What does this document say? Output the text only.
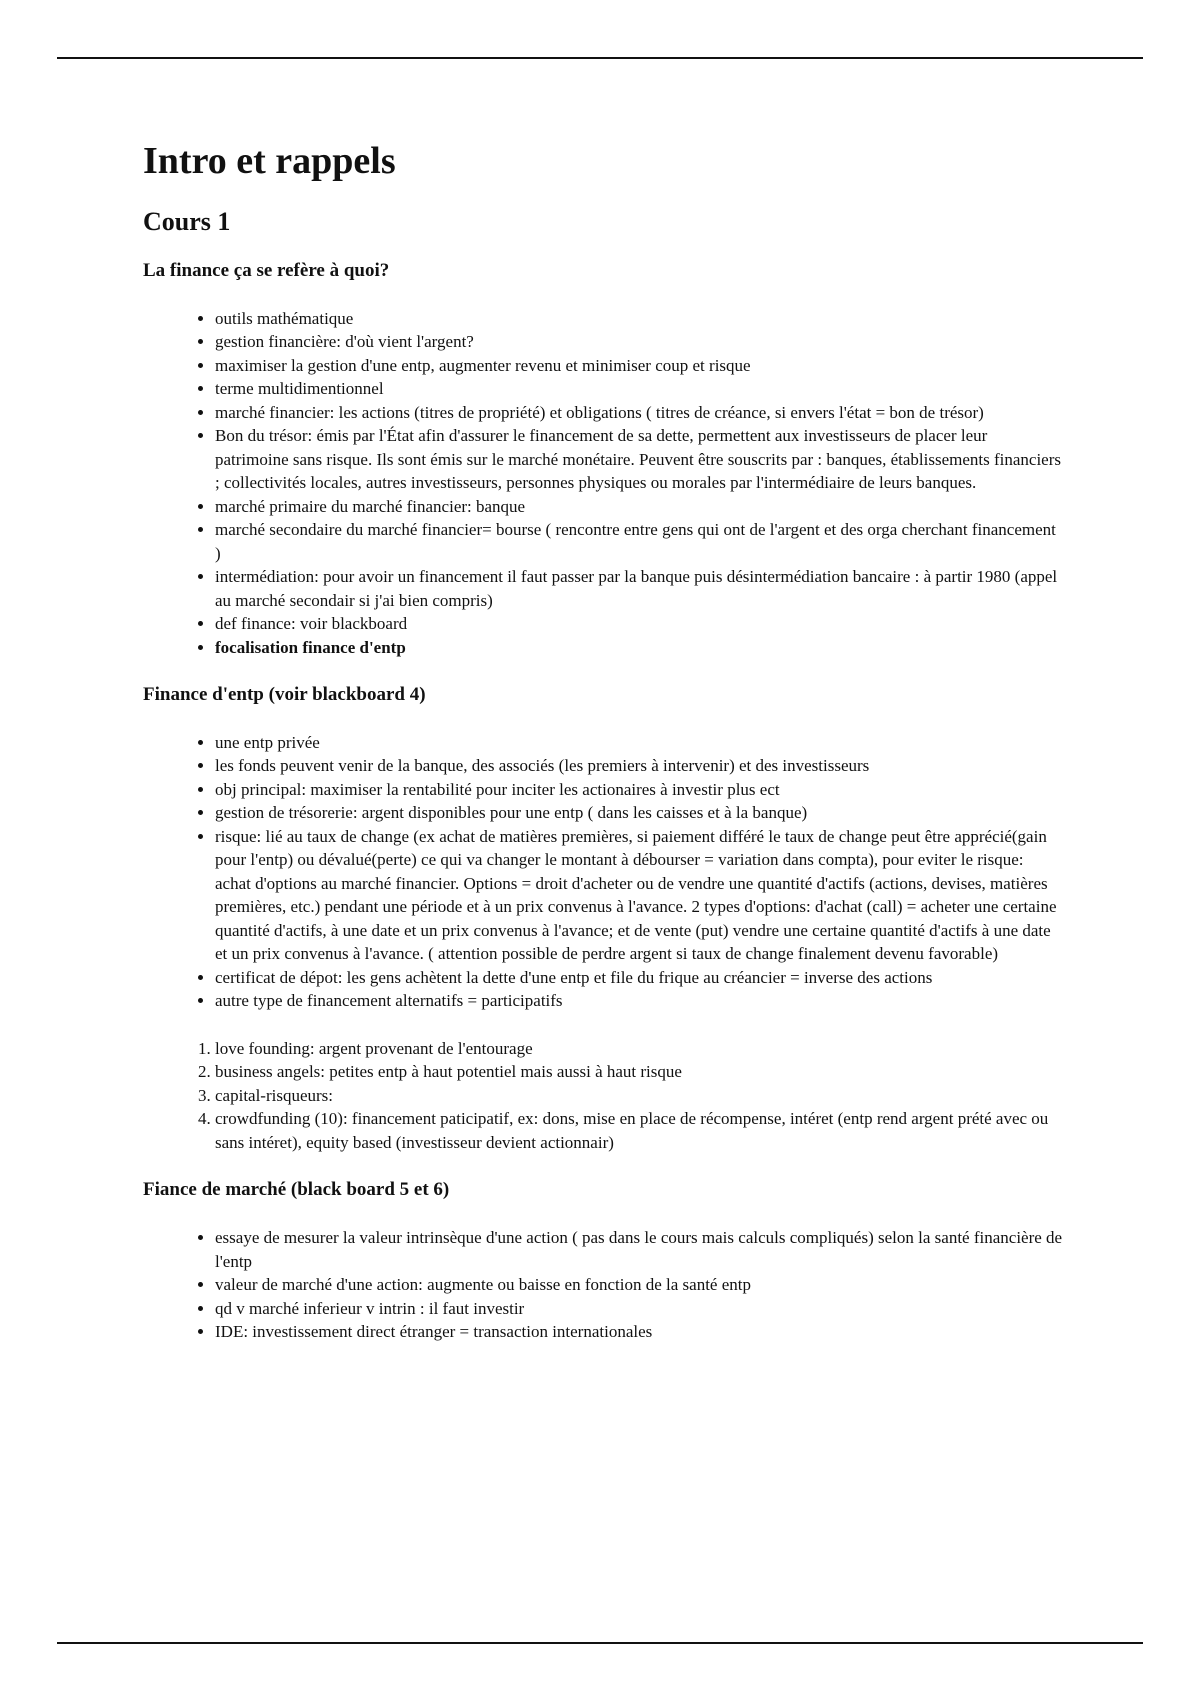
Intro et rappels
Cours 1
La finance ça se refère à quoi?
• outils mathématique
• gestion financière: d'où vient l'argent?
• maximiser la gestion d'une entp, augmenter revenu et minimiser coup et risque
• terme multidimentionnel
• marché financier: les actions (titres de propriété) et obligations ( titres de créance, si envers l'état = bon de trésor)
• Bon du trésor: émis par l'État afin d'assurer le financement de sa dette, permettent aux investisseurs de placer leur patrimoine sans risque. Ils sont émis sur le marché monétaire. Peuvent être souscrits par : banques, établissements financiers ; collectivités locales, autres investisseurs, personnes physiques ou morales par l'intermédiaire de leurs banques.
• marché primaire du marché financier: banque
• marché secondaire du marché financier= bourse ( rencontre entre gens qui ont de l'argent et des orga cherchant financement )
• intermédiation: pour avoir un financement il faut passer par la banque puis désintermédiation bancaire : à partir 1980 (appel au marché secondair si j'ai bien compris)
• def finance: voir blackboard
• focalisation finance d'entp
Finance d'entp (voir blackboard 4)
• une entp privée
• les fonds peuvent venir de la banque, des associés (les premiers à intervenir) et des investisseurs
• obj principal: maximiser la rentabilité pour inciter les actionaires à investir plus ect
• gestion de trésorerie: argent disponibles pour une entp ( dans les caisses et à la banque)
• risque: lié au taux de change (ex achat de matières premières, si paiement différé le taux de change peut être apprécié(gain pour l'entp) ou dévalué(perte) ce qui va changer le montant à débourser = variation dans compta), pour eviter le risque: achat d'options au marché financier. Options = droit d'acheter ou de vendre une quantité d'actifs (actions, devises, matières premières, etc.) pendant une période et à un prix convenus à l'avance. 2 types d'options: d'achat (call) = acheter une certaine quantité d'actifs, à une date et un prix convenus à l'avance; et de vente (put) vendre une certaine quantité d'actifs à une date et un prix convenus à l'avance. ( attention possible de perdre argent si taux de change finalement devenu favorable)
• certificat de dépot: les gens achètent la dette d'une entp et file du frique au créancier = inverse des actions
• autre type de financement alternatifs = participatifs
1. love founding: argent provenant de l'entourage
2. business angels: petites entp à haut potentiel mais aussi à haut risque
3. capital-risqueurs:
4. crowdfunding (10): financement paticipatif, ex: dons, mise en place de récompense, intéret (entp rend argent prété avec ou sans intéret), equity based (investisseur devient actionnair)
Fiance de marché (black board 5 et 6)
• essaye de mesurer la valeur intrinsèque d'une action ( pas dans le cours mais calculs compliqués) selon la santé financière de l'entp
• valeur de marché d'une action: augmente ou baisse en fonction de la santé entp
• qd v marché inferieur v intrin : il faut investir
• IDE: investissement direct étranger = transaction internationales
